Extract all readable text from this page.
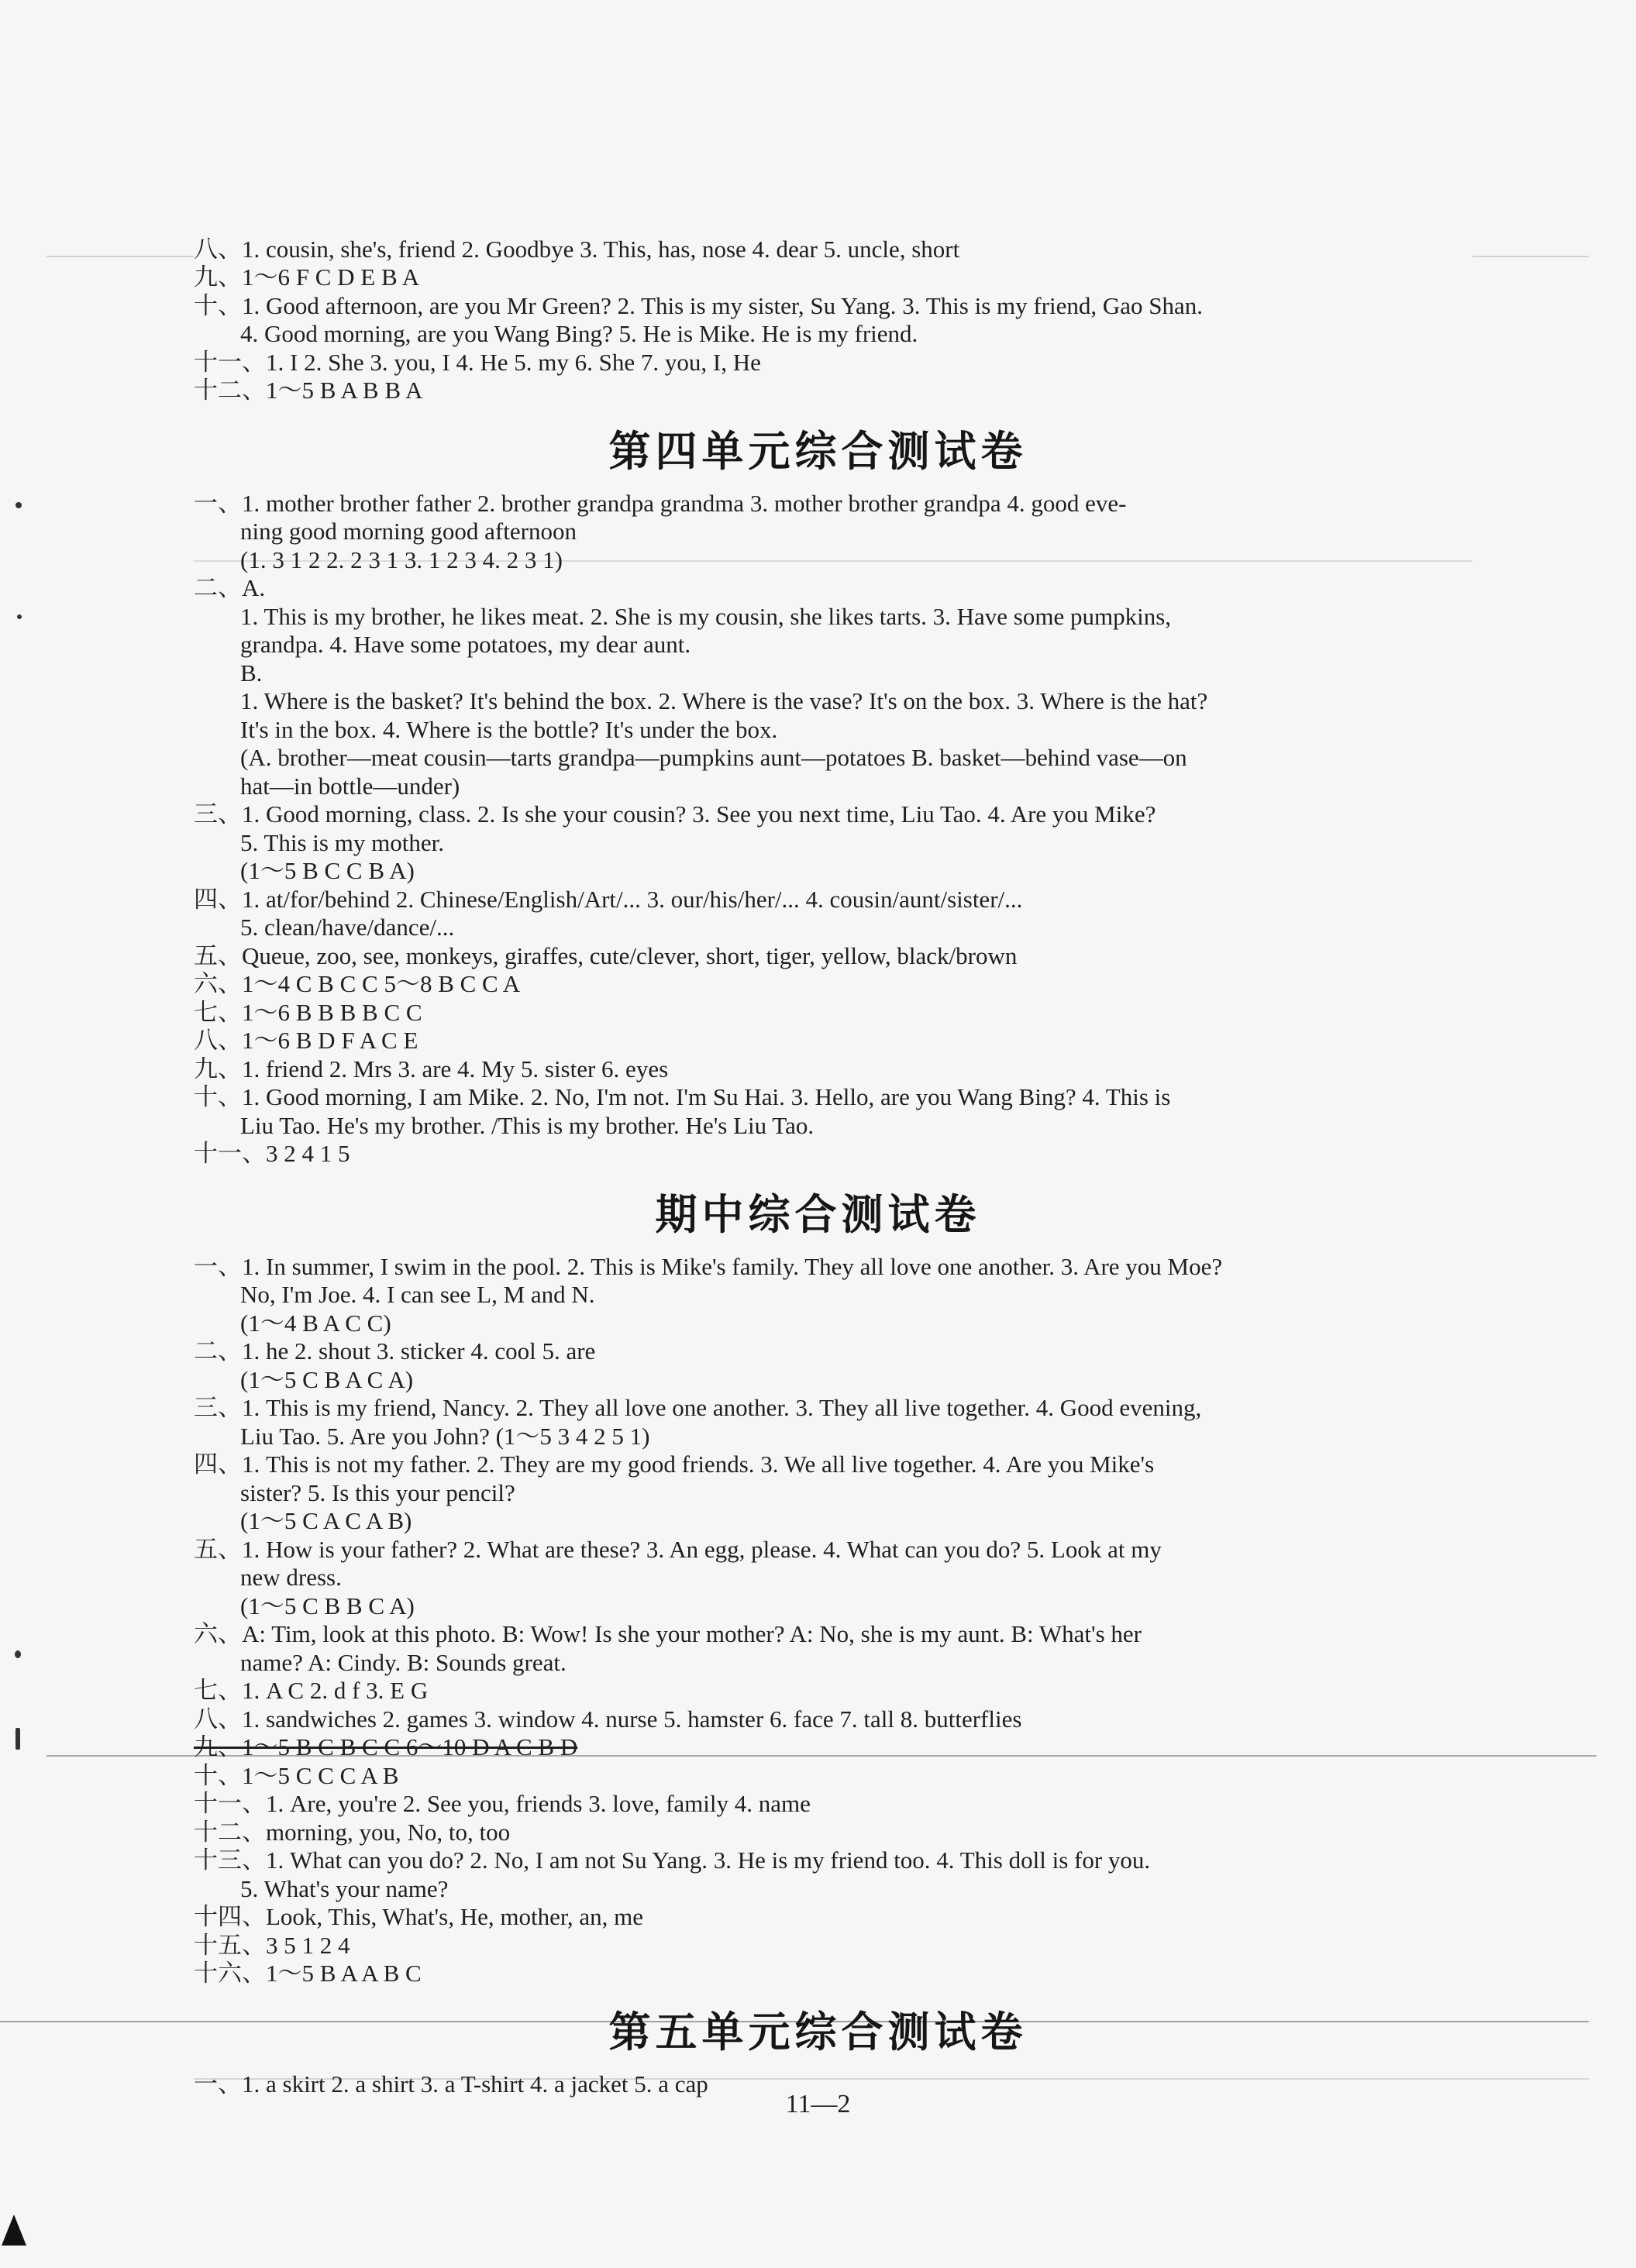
八、1. cousin, she's, friend 2. Goodbye 3. This, has, nose 4. dear 5. uncle, short
九、1～6 F C D E B A
十、1. Good afternoon, are you Mr Green? 2. This is my sister, Su Yang. 3. This is my friend, Gao Shan.
4. Good morning, are you Wang Bing? 5. He is Mike. He is my friend.
十一、1. I 2. She 3. you, I 4. He 5. my 6. She 7. you, I, He
十二、1～5 B A B B A
第四单元综合测试卷
一、1. mother brother father 2. brother grandpa grandma 3. mother brother grandpa 4. good eve-
ning good morning good afternoon
(1. 3 1 2 2. 2 3 1 3. 1 2 3 4. 2 3 1)
二、A.
1. This is my brother, he likes meat. 2. She is my cousin, she likes tarts. 3. Have some pumpkins,
grandpa. 4. Have some potatoes, my dear aunt.
B.
1. Where is the basket? It's behind the box. 2. Where is the vase? It's on the box. 3. Where is the hat?
It's in the box. 4. Where is the bottle? It's under the box.
(A. brother—meat cousin—tarts grandpa—pumpkins aunt—potatoes B. basket—behind vase—on
hat—in bottle—under)
三、1. Good morning, class. 2. Is she your cousin? 3. See you next time, Liu Tao. 4. Are you Mike?
5. This is my mother.
(1～5 B C C B A)
四、1. at/for/behind 2. Chinese/English/Art/... 3. our/his/her/... 4. cousin/aunt/sister/...
5. clean/have/dance/...
五、Queue, zoo, see, monkeys, giraffes, cute/clever, short, tiger, yellow, black/brown
六、1～4 C B C C 5～8 B C C A
七、1～6 B B B B C C
八、1～6 B D F A C E
九、1. friend 2. Mrs 3. are 4. My 5. sister 6. eyes
十、1. Good morning, I am Mike. 2. No, I'm not. I'm Su Hai. 3. Hello, are you Wang Bing? 4. This is
Liu Tao. He's my brother. /This is my brother. He's Liu Tao.
十一、3 2 4 1 5
期中综合测试卷
一、1. In summer, I swim in the pool. 2. This is Mike's family. They all love one another. 3. Are you Moe?
No, I'm Joe. 4. I can see L, M and N.
(1～4 B A C C)
二、1. he 2. shout 3. sticker 4. cool 5. are
(1～5 C B A C A)
三、1. This is my friend, Nancy. 2. They all love one another. 3. They all live together. 4. Good evening,
Liu Tao. 5. Are you John? (1～5 3 4 2 5 1)
四、1. This is not my father. 2. They are my good friends. 3. We all live together. 4. Are you Mike's
sister? 5. Is this your pencil?
(1～5 C A C A B)
五、1. How is your father? 2. What are these? 3. An egg, please. 4. What can you do? 5. Look at my
new dress.
(1～5 C B B C A)
六、A: Tim, look at this photo. B: Wow! Is she your mother? A: No, she is my aunt. B: What's her
name? A: Cindy. B: Sounds great.
七、1. A C 2. d f 3. E G
八、1. sandwiches 2. games 3. window 4. nurse 5. hamster 6. face 7. tall 8. butterflies
九、1～5 B C B C C 6～10 D A C B D
十、1～5 C C C A B
十一、1. Are, you're 2. See you, friends 3. love, family 4. name
十二、morning, you, No, to, too
十三、1. What can you do? 2. No, I am not Su Yang. 3. He is my friend too. 4. This doll is for you.
5. What's your name?
十四、Look, This, What's, He, mother, an, me
十五、3 5 1 2 4
十六、1～5 B A A B C
第五单元综合测试卷
一、1. a skirt 2. a shirt 3. a T-shirt 4. a jacket 5. a cap
11—2
